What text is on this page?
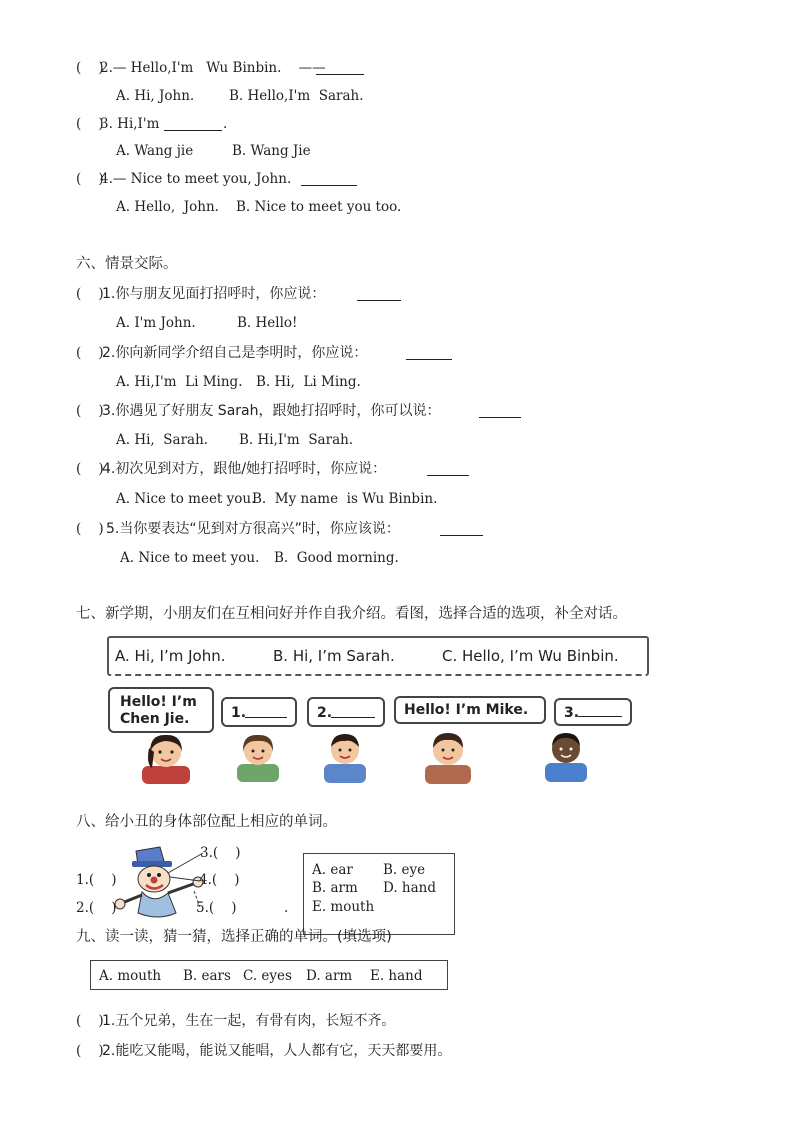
(    )
2.— Hello,I'm   Wu Binbin.    ——
A. Hi, John.	B. Hello,I'm  Sarah.
(    )
3. Hi,I'm	.
A. Wang jie	B. Wang Jie
(    )
4.— Nice to meet you, John.
A. Hello,  John. B. Nice to meet you too.
六、情景交际。
(    )
1.你与朋友见面打招呼时，你应说：
A. I'm John.	B. Hello!
(    )
2.你向新同学介绍自己是李明时，你应说：
A. Hi,I'm  Li Ming. B. Hi,  Li Ming.
(    )
3.你遇见了好朋友 Sarah，跟她打招呼时，你可以说：
A. Hi,  Sarah. B. Hi,I'm  Sarah.
(    )
4.初次见到对方，跟他/她打招呼时，你应说：
A. Nice to meet you.
B.  My name  is Wu Binbin.
(    ) 5.当你要表达“见到对方很高兴”时，你应该说：
A. Nice to meet you. B.  Good morning.
七、新学期，小朋友们在互相问好并作自我介绍。看图，选择合适的选项，补全对话。
A. Hi, I’m John.	B. Hi, I’m Sarah.	C. Hello, I’m Wu Binbin.
Hello! I’m
Chen Jie.	1.	2.	Hello! I’m Mike.	3.
八、给小丑的身体部位配上相应的单词。
3.(    )
1.(    )	4.(    )
2.(    )	5.(    )	.
A. ear B. eye
B. arm D. hand
E. mouth
九、读一读，猜一猜，选择正确的单词。(填选项)
A. mouth B. ears C. eyes D. arm E. hand
(    )
1.五个兄弟，生在一起，有骨有肉，长短不齐。
(    )
2.能吃又能喝，能说又能唱，人人都有它，天天都要用。
